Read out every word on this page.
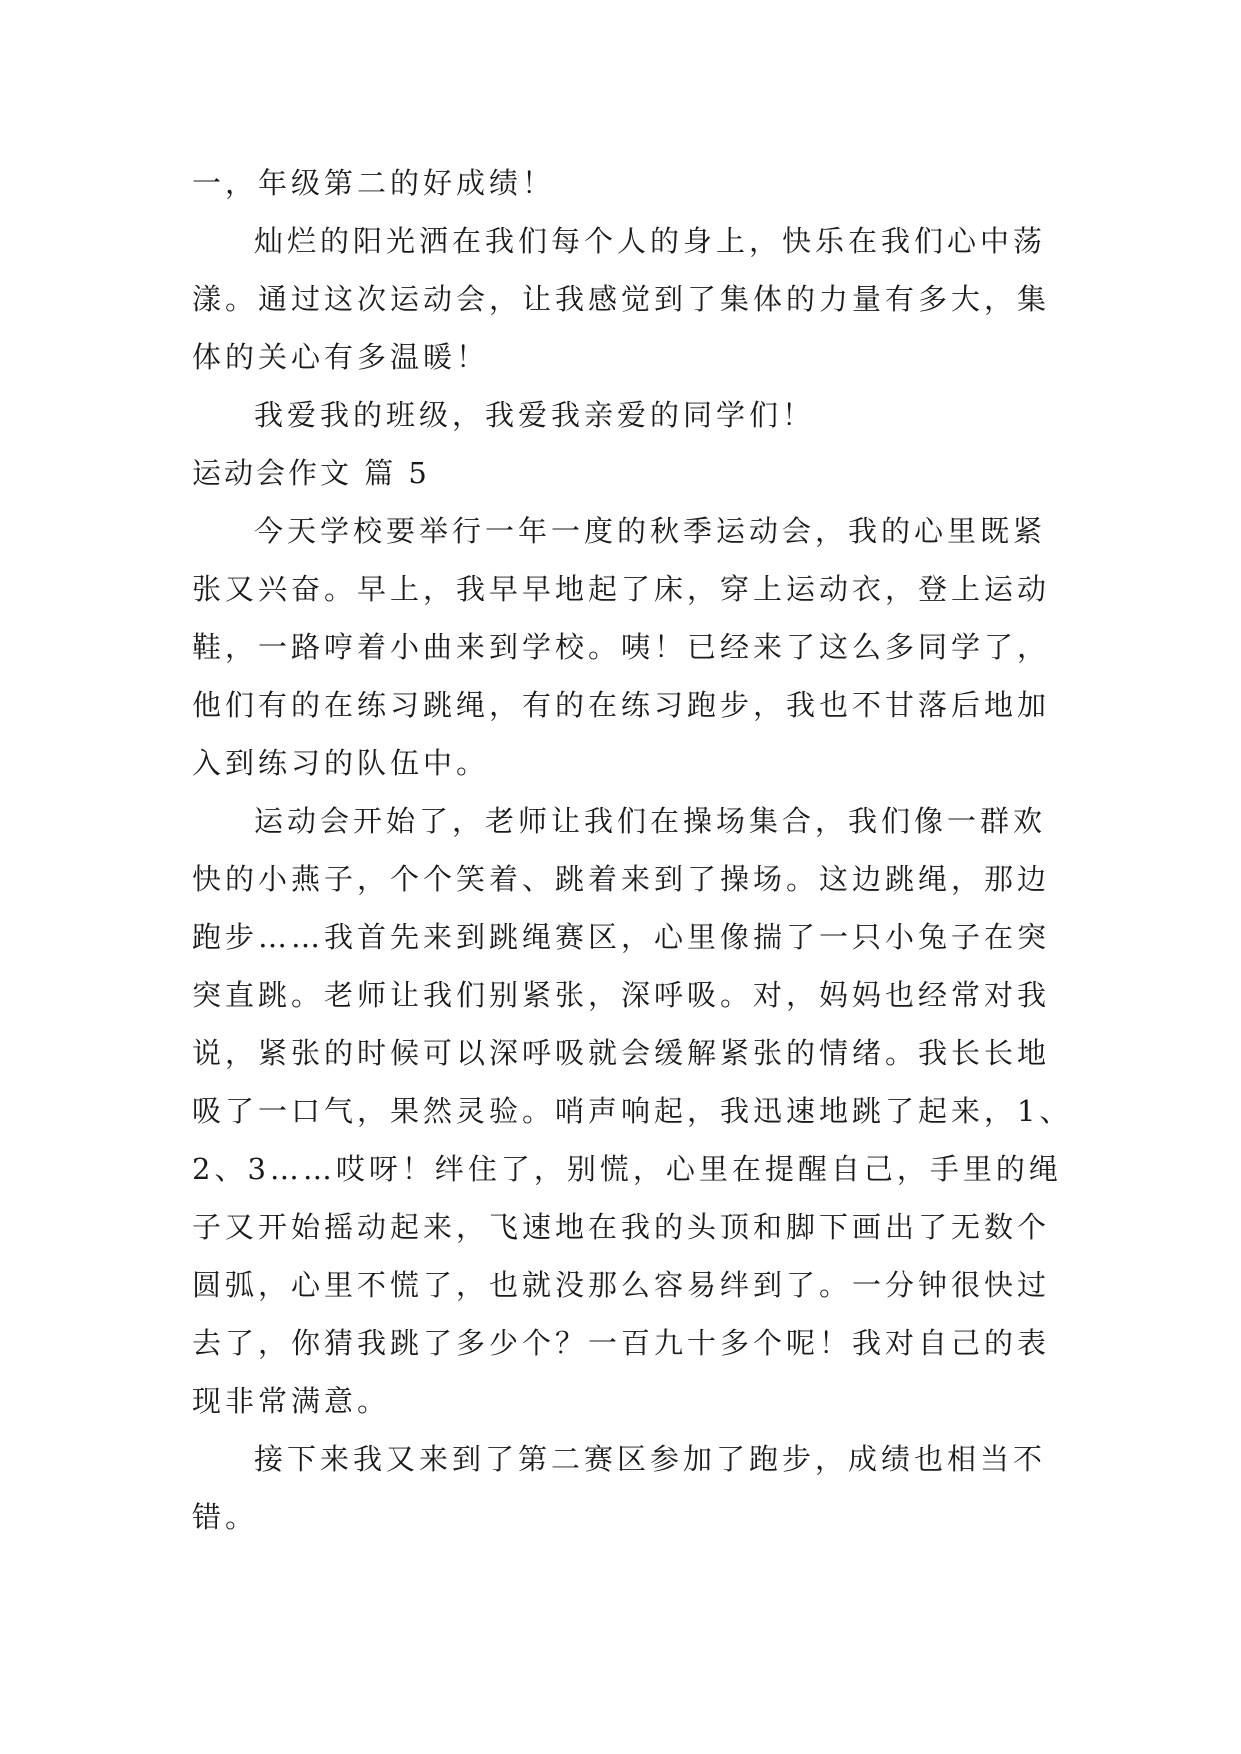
一，年级第二的好成绩！
灿烂的阳光洒在我们每个人的身上，快乐在我们心中荡
漾。通过这次运动会，让我感觉到了集体的力量有多大，集
体的关心有多温暖！
我爱我的班级，我爱我亲爱的同学们！
运动会作文 篇 5
今天学校要举行一年一度的秋季运动会，我的心里既紧
张又兴奋。早上，我早早地起了床，穿上运动衣，登上运动
鞋，一路哼着小曲来到学校。咦！已经来了这么多同学了，
他们有的在练习跳绳，有的在练习跑步，我也不甘落后地加
入到练习的队伍中。
运动会开始了，老师让我们在操场集合，我们像一群欢
快的小燕子，个个笑着、跳着来到了操场。这边跳绳，那边
跑步……我首先来到跳绳赛区，心里像揣了一只小兔子在突
突直跳。老师让我们别紧张，深呼吸。对，妈妈也经常对我
说，紧张的时候可以深呼吸就会缓解紧张的情绪。我长长地
吸了一口气，果然灵验。哨声响起，我迅速地跳了起来，1、
2、3……哎呀！绊住了，别慌，心里在提醒自己，手里的绳
子又开始摇动起来，飞速地在我的头顶和脚下画出了无数个
圆弧，心里不慌了，也就没那么容易绊到了。一分钟很快过
去了，你猜我跳了多少个？一百九十多个呢！我对自己的表
现非常满意。
接下来我又来到了第二赛区参加了跑步，成绩也相当不
错。
